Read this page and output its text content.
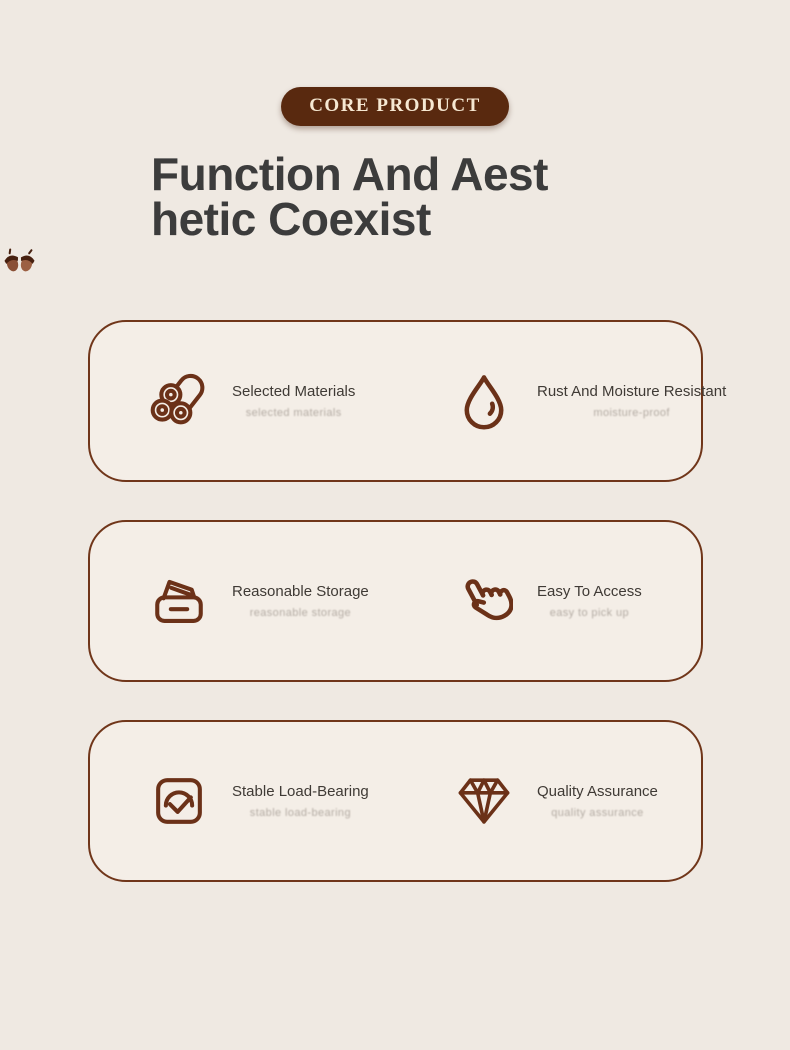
CORE PRODUCT
Function And Aest
hetic Coexist
Selected Materials
selected materials
Rust And Moisture Resistant
moisture-proof
Reasonable Storage
reasonable storage
Easy To Access
easy to pick up
Stable Load-Bearing
stable load-bearing
Quality Assurance
quality assurance
